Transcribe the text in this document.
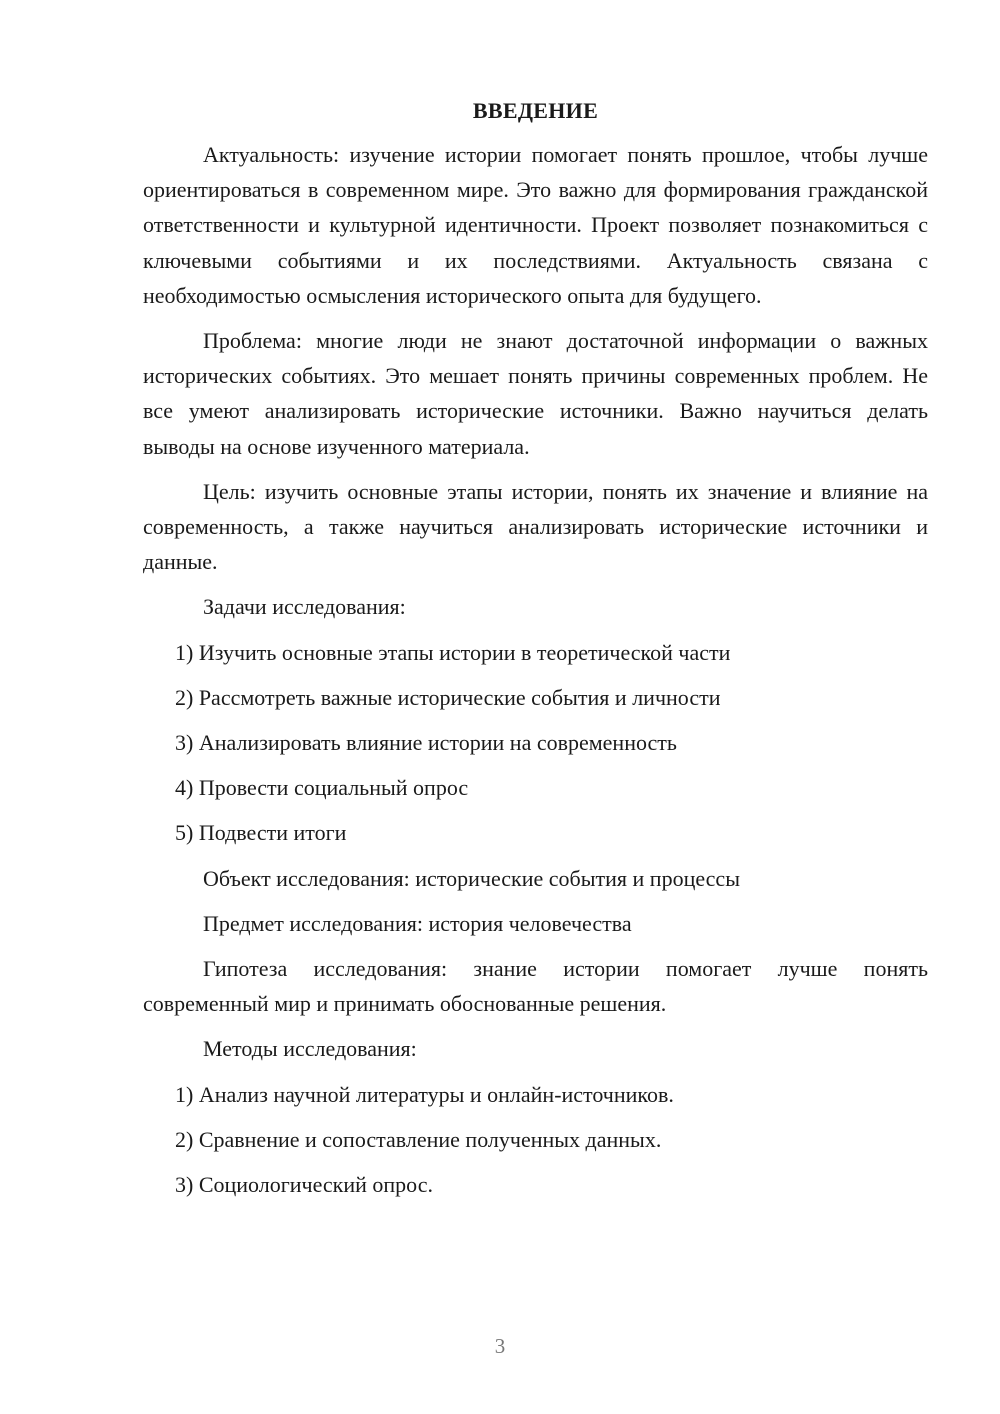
ВВЕДЕНИЕ

Актуальность: изучение истории помогает понять прошлое, чтобы лучше ориентироваться в современном мире. Это важно для формирования гражданской ответственности и культурной идентичности. Проект позволяет познакомиться с ключевыми событиями и их последствиями. Актуальность связана с необходимостью осмысления исторического опыта для будущего.

Проблема: многие люди не знают достаточной информации о важных исторических событиях. Это мешает понять причины современных проблем. Не все умеют анализировать исторические источники. Важно научиться делать выводы на основе изученного материала.

Цель: изучить основные этапы истории, понять их значение и влияние на современность, а также научиться анализировать исторические источники и данные.

Задачи исследования:

1) Изучить основные этапы истории в теоретической части

2) Рассмотреть важные исторические события и личности

3) Анализировать влияние истории на современность

4) Провести социальный опрос

5) Подвести итоги

Объект исследования: исторические события и процессы

Предмет исследования: история человечества

Гипотеза исследования: знание истории помогает лучше понять современный мир и принимать обоснованные решения.

Методы исследования:

1) Анализ научной литературы и онлайн-источников.

2) Сравнение и сопоставление полученных данных.

3) Социологический опрос.

3
